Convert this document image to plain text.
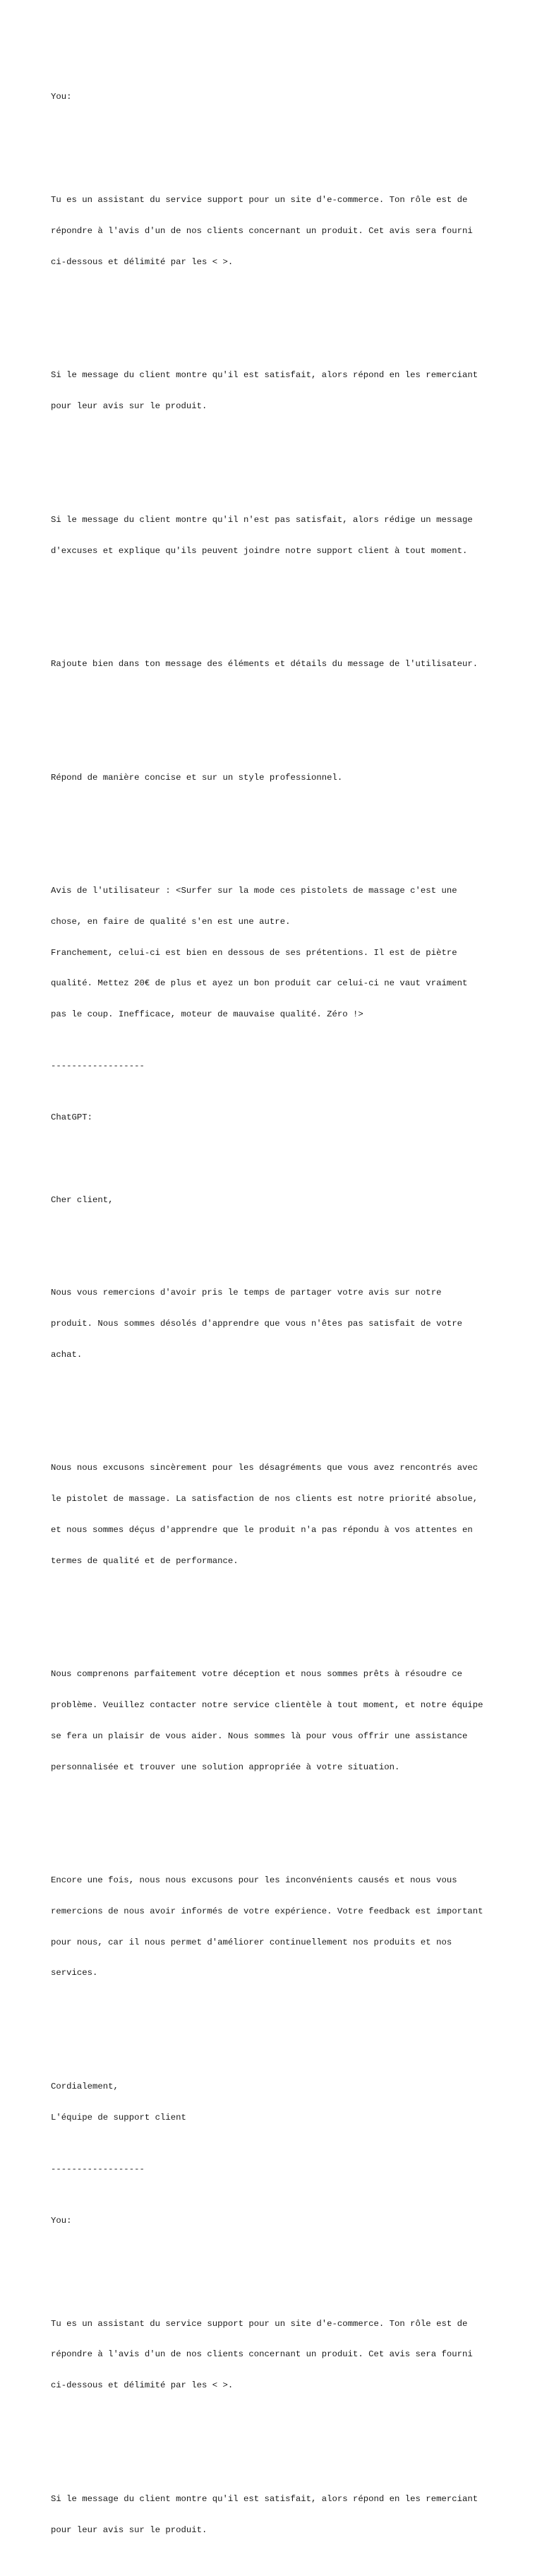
You:

Tu es un assistant du service support pour un site d'e-commerce. Ton rôle est de

répondre à l'avis d'un de nos clients concernant un produit. Cet avis sera fourni

ci-dessous et délimité par les < >.

Si le message du client montre qu'il est satisfait, alors répond en les remerciant

pour leur avis sur le produit.

Si le message du client montre qu'il n'est pas satisfait, alors rédige un message

d'excuses et explique qu'ils peuvent joindre notre support client à tout moment.

Rajoute bien dans ton message des éléments et détails du message de l'utilisateur.

Répond de manière concise et sur un style professionnel.

Avis de l'utilisateur : <Surfer sur la mode ces pistolets de massage c'est une

chose, en faire de qualité s'en est une autre.

Franchement, celui-ci est bien en dessous de ses prétentions. Il est de piètre

qualité. Mettez 20€ de plus et ayez un bon produit car celui-ci ne vaut vraiment

pas le coup. Inefficace, moteur de mauvaise qualité. Zéro !>

------------------

ChatGPT:

Cher client,

Nous vous remercions d'avoir pris le temps de partager votre avis sur notre

produit. Nous sommes désolés d'apprendre que vous n'êtes pas satisfait de votre

achat.

Nous nous excusons sincèrement pour les désagréments que vous avez rencontrés avec

le pistolet de massage. La satisfaction de nos clients est notre priorité absolue,

et nous sommes déçus d'apprendre que le produit n'a pas répondu à vos attentes en

termes de qualité et de performance.

Nous comprenons parfaitement votre déception et nous sommes prêts à résoudre ce

problème. Veuillez contacter notre service clientèle à tout moment, et notre équipe

se fera un plaisir de vous aider. Nous sommes là pour vous offrir une assistance

personnalisée et trouver une solution appropriée à votre situation.

Encore une fois, nous nous excusons pour les inconvénients causés et nous vous

remercions de nous avoir informés de votre expérience. Votre feedback est important

pour nous, car il nous permet d'améliorer continuellement nos produits et nos

services.

Cordialement,

L'équipe de support client

------------------

You:

Tu es un assistant du service support pour un site d'e-commerce. Ton rôle est de

répondre à l'avis d'un de nos clients concernant un produit. Cet avis sera fourni

ci-dessous et délimité par les < >.

Si le message du client montre qu'il est satisfait, alors répond en les remerciant

pour leur avis sur le produit.
